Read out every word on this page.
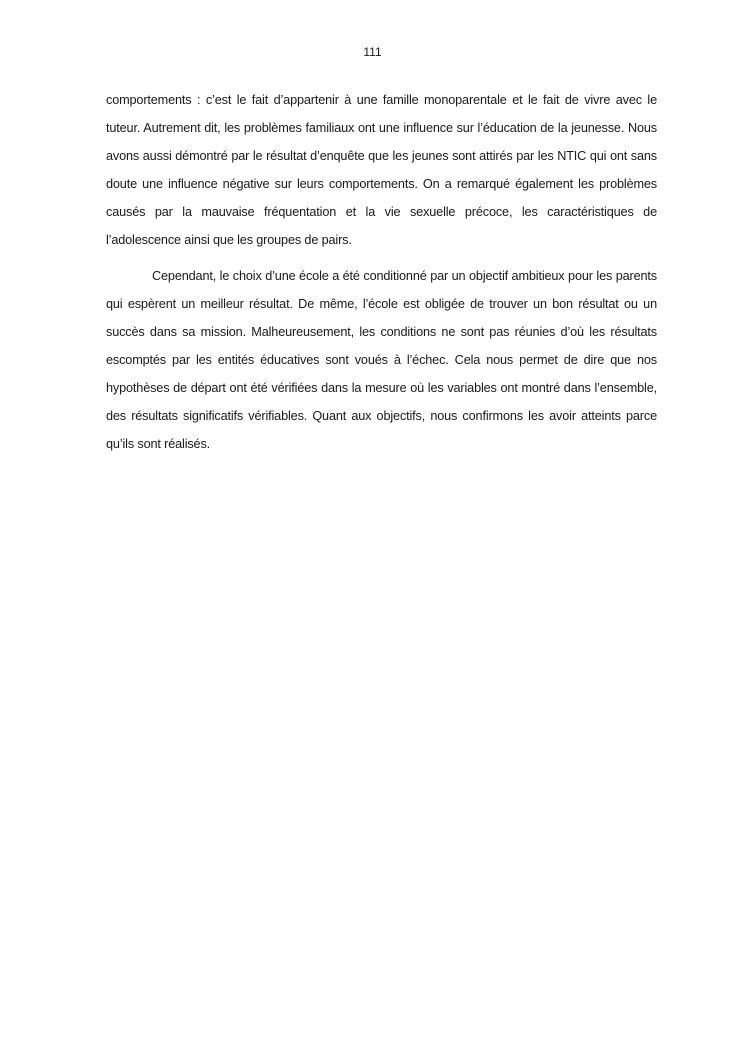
111

comportements : c’est le fait d’appartenir à une famille monoparentale et le fait de vivre avec le tuteur. Autrement dit, les problèmes familiaux ont une influence sur l’éducation de la jeunesse. Nous avons aussi démontré par le résultat d’enquête que les jeunes sont attirés par les NTIC qui ont sans doute une influence négative sur leurs comportements. On a remarqué également les problèmes causés par la mauvaise fréquentation et la vie sexuelle précoce, les caractéristiques de l’adolescence ainsi que les groupes de pairs.

Cependant, le choix d’une école a été conditionné par un objectif ambitieux pour les parents qui espèrent un meilleur résultat. De même, l’école est obligée de trouver un bon résultat ou un succès dans sa mission. Malheureusement, les conditions ne sont pas réunies d’où les résultats escomptés par les entités éducatives sont voués à l’échec. Cela nous permet de dire que nos hypothèses de départ ont été vérifiées dans la mesure où les variables ont montré dans l’ensemble, des résultats significatifs vérifiables. Quant aux objectifs, nous confirmons les avoir atteints parce qu’ils sont réalisés.
